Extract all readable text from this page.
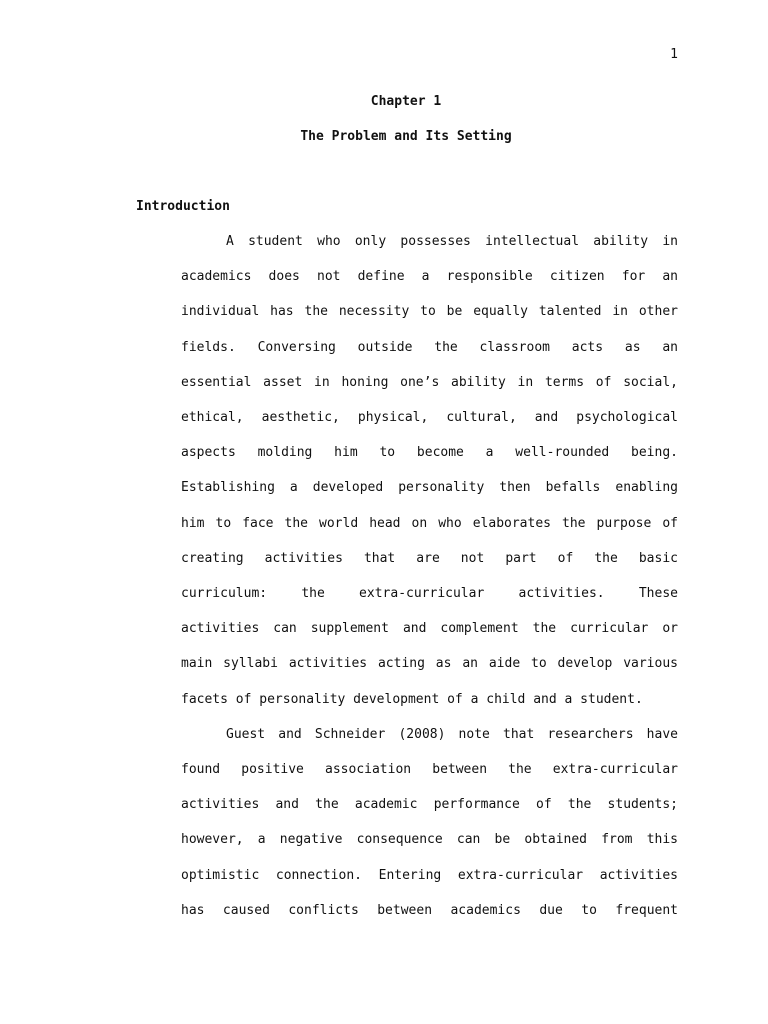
1
Chapter 1
The Problem and Its Setting
Introduction
A student who only possesses intellectual ability in
academics does not define a responsible citizen for an
individual has the necessity to be equally talented in other
fields. Conversing outside the classroom acts as an
essential asset in honing one’s ability in terms of social,
ethical, aesthetic, physical, cultural, and psychological
aspects molding him to become a well-rounded being.
Establishing a developed personality then befalls enabling
him to face the world head on who elaborates the purpose of
creating activities that are not part of the basic
curriculum: the extra-curricular activities. These
activities can supplement and complement the curricular or
main syllabi activities acting as an aide to develop various
facets of personality development of a child and a student.
Guest and Schneider (2008) note that researchers have
found positive association between the extra-curricular
activities and the academic performance of the students;
however, a negative consequence can be obtained from this
optimistic connection. Entering extra-curricular activities
has caused conflicts between academics due to frequent
